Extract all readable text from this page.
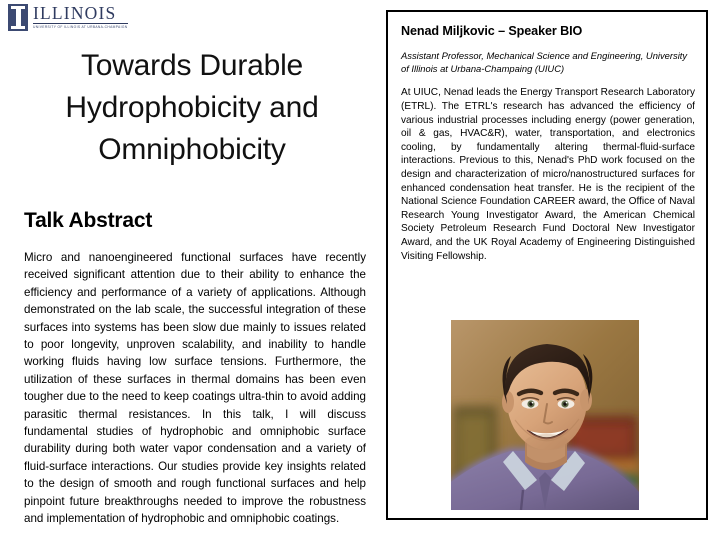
ILLINOIS
UNIVERSITY OF ILLINOIS AT URBANA-CHAMPAIGN
Towards Durable Hydrophobicity and Omniphobicity
Talk Abstract
Micro and nanoengineered functional surfaces have recently received significant attention due to their ability to enhance the efficiency and performance of a variety of applications. Although demonstrated on the lab scale, the successful integration of these surfaces into systems has been slow due mainly to issues related to poor longevity, unproven scalability, and inability to handle working fluids having low surface tensions. Furthermore, the utilization of these surfaces in thermal domains has been even tougher due to the need to keep coatings ultra-thin to avoid adding parasitic thermal resistances. In this talk, I will discuss fundamental studies of hydrophobic and omniphobic surface durability during both water vapor condensation and a variety of fluid-surface interactions. Our studies provide key insights related to the design of smooth and rough functional surfaces and help pinpoint future breakthroughs needed to improve the robustness and implementation of hydrophobic and omniphobic coatings.
Nenad Miljkovic – Speaker BIO
Assistant Professor, Mechanical Science and Engineering, University of Illinois at Urbana-Champaing (UIUC)
At UIUC, Nenad leads the Energy Transport Research Laboratory (ETRL). The ETRL's research has advanced the efficiency of various industrial processes including energy (power generation, oil & gas, HVAC&R), water, transportation, and electronics cooling, by fundamentally altering thermal-fluid-surface interactions. Previous to this, Nenad's PhD work focused on the design and characterization of micro/nanostructured surfaces for enhanced condensation heat transfer. He is the recipient of the National Science Foundation CAREER award, the Office of Naval Research Young Investigator Award, the American Chemical Society Petroleum Research Fund Doctoral New Investigator Award, and the UK Royal Academy of Engineering Distinguished Visiting Fellowship.
